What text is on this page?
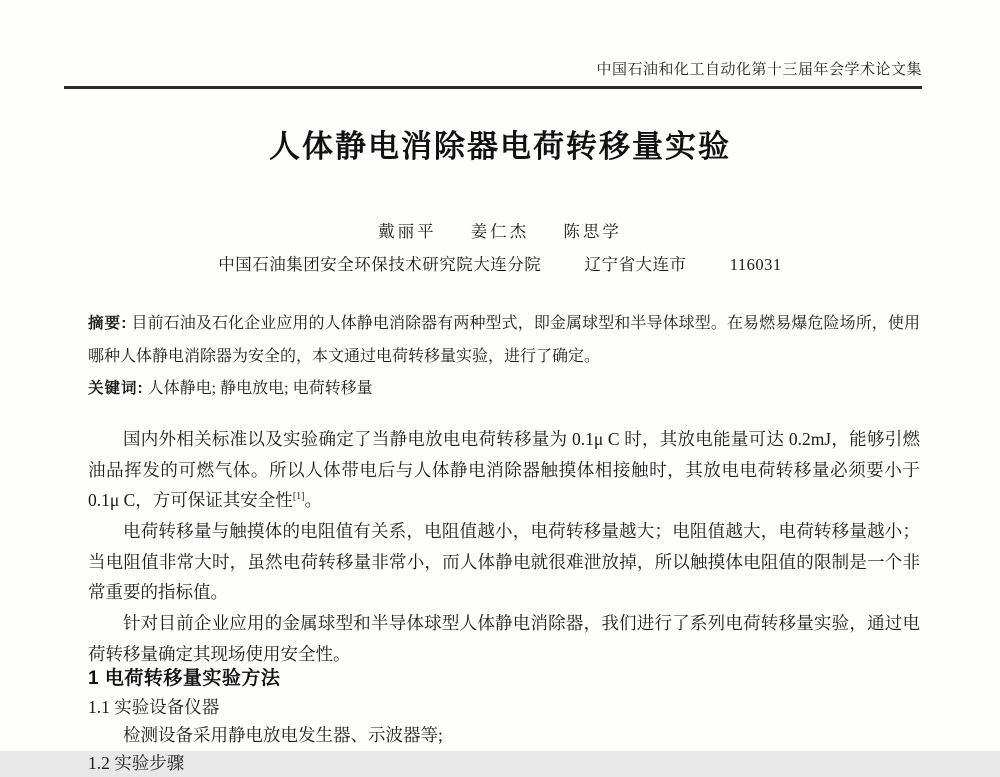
中国石油和化工自动化第十三届年会学术论文集
人体静电消除器电荷转移量实验
戴丽平 姜仁杰 陈思学
中国石油集团安全环保技术研究院大连分院	辽宁省大连市	116031
摘要: 目前石油及石化企业应用的人体静电消除器有两种型式，即金属球型和半导体球型。在易燃易爆危险场所，使用哪种人体静电消除器为安全的，本文通过电荷转移量实验，进行了确定。
关键词: 人体静电; 静电放电; 电荷转移量

国内外相关标准以及实验确定了当静电放电电荷转移量为 0.1μ C 时，其放电能量可达 0.2mJ，能够引燃油品挥发的可燃气体。所以人体带电后与人体静电消除器触摸体相接触时，其放电电荷转移量必须要小于 0.1μ C，方可保证其安全性[1]。

电荷转移量与触摸体的电阻值有关系，电阻值越小，电荷转移量越大；电阻值越大，电荷转移量越小；当电阻值非常大时，虽然电荷转移量非常小，而人体静电就很难泄放掉，所以触摸体电阻值的限制是一个非常重要的指标值。

针对目前企业应用的金属球型和半导体球型人体静电消除器，我们进行了系列电荷转移量实验，通过电荷转移量确定其现场使用安全性。

1 电荷转移量实验方法
1.1 实验设备仪器
检测设备采用静电放电发生器、示波器等;
1.2 实验步骤
